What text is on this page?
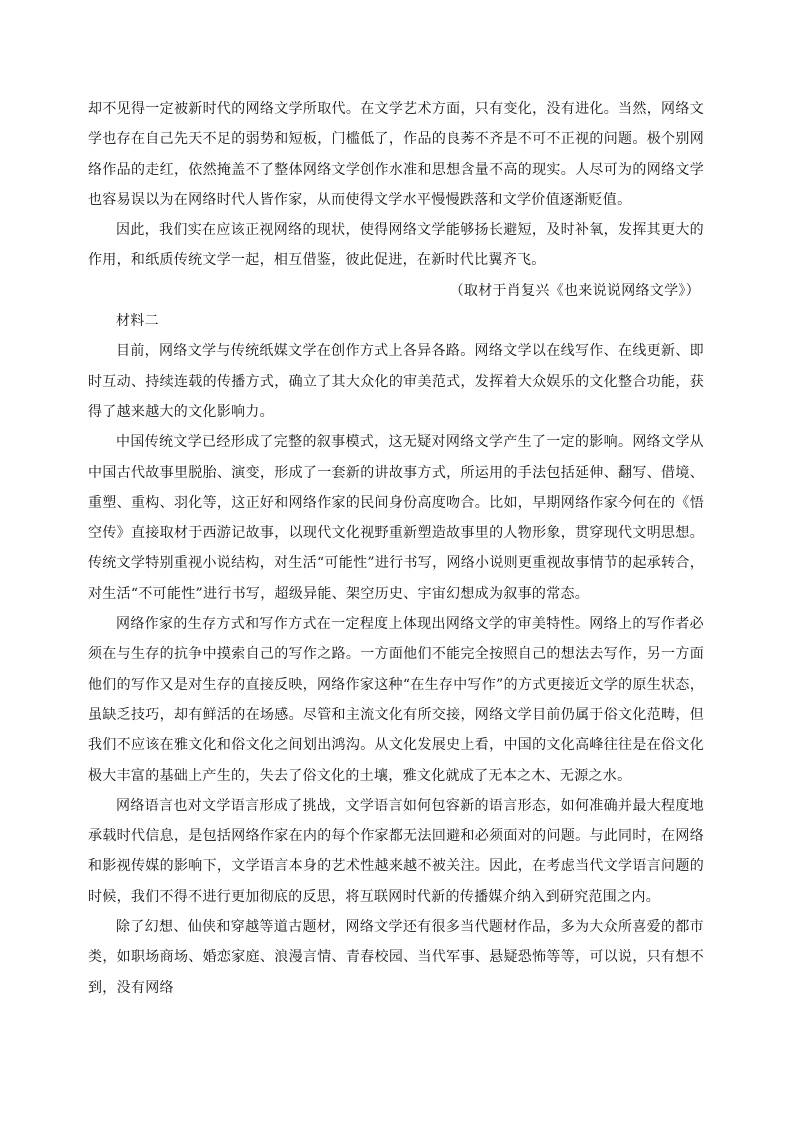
却不见得一定被新时代的网络文学所取代。在文学艺术方面，只有变化，没有进化。当然，网络文学也存在自己先天不足的弱势和短板，门槛低了，作品的良莠不齐是不可不正视的问题。极个别网络作品的走红，依然掩盖不了整体网络文学创作水准和思想含量不高的现实。人尽可为的网络文学也容易误以为在网络时代人皆作家，从而使得文学水平慢慢跌落和文学价值逐渐贬值。

因此，我们实在应该正视网络的现状，使得网络文学能够扬长避短，及时补氧，发挥其更大的作用，和纸质传统文学一起，相互借鉴，彼此促进，在新时代比翼齐飞。

（取材于肖复兴《也来说说网络文学》）

材料二

目前，网络文学与传统纸媒文学在创作方式上各异各路。网络文学以在线写作、在线更新、即时互动、持续连载的传播方式，确立了其大众化的审美范式，发挥着大众娱乐的文化整合功能，获得了越来越大的文化影响力。

中国传统文学已经形成了完整的叙事模式，这无疑对网络文学产生了一定的影响。网络文学从中国古代故事里脱胎、演变，形成了一套新的讲故事方式，所运用的手法包括延伸、翻写、借境、重塑、重构、羽化等，这正好和网络作家的民间身份高度吻合。比如，早期网络作家今何在的《悟空传》直接取材于西游记故事，以现代文化视野重新塑造故事里的人物形象，贯穿现代文明思想。传统文学特别重视小说结构，对生活“可能性”进行书写，网络小说则更重视故事情节的起承转合，对生活“不可能性”进行书写，超级异能、架空历史、宇宙幻想成为叙事的常态。

网络作家的生存方式和写作方式在一定程度上体现出网络文学的审美特性。网络上的写作者必须在与生存的抗争中摸索自己的写作之路。一方面他们不能完全按照自己的想法去写作，另一方面他们的写作又是对生存的直接反映，网络作家这种“在生存中写作”的方式更接近文学的原生状态，虽缺乏技巧，却有鲜活的在场感。尽管和主流文化有所交接，网络文学目前仍属于俗文化范畴，但我们不应该在雅文化和俗文化之间划出鸿沟。从文化发展史上看，中国的文化高峰往往是在俗文化极大丰富的基础上产生的，失去了俗文化的土壤，雅文化就成了无本之木、无源之水。

网络语言也对文学语言形成了挑战，文学语言如何包容新的语言形态，如何准确并最大程度地承载时代信息，是包括网络作家在内的每个作家都无法回避和必须面对的问题。与此同时，在网络和影视传媒的影响下，文学语言本身的艺术性越来越不被关注。因此，在考虑当代文学语言问题的时候，我们不得不进行更加彻底的反思，将互联网时代新的传播媒介纳入到研究范围之内。

除了幻想、仙侠和穿越等道古题材，网络文学还有很多当代题材作品，多为大众所喜爱的都市类，如职场商场、婚恋家庭、浪漫言情、青春校园、当代军事、悬疑恐怖等等，可以说，只有想不到，没有网络
